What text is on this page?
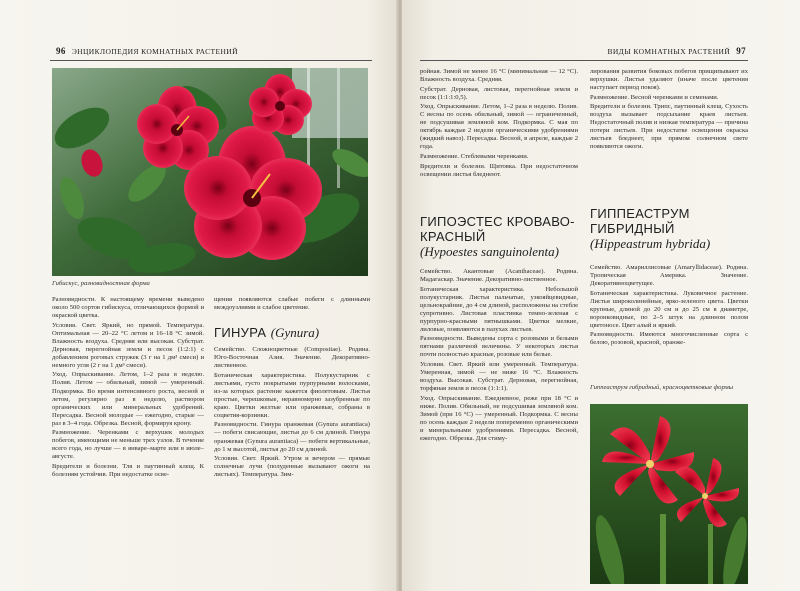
96 ЭНЦИКЛОПЕДИЯ КОМНАТНЫХ РАСТЕНИЙ
Гибискус, разновидностная форма

Разновидности. К настоящему времени выведено около 500 сортов гибискуса, отличающихся формой и окраской цветка.

Условия. Свет. Яркий, но прямой. Температура. Оптимальная — 20–22 °С летом и 16–18 °С зимой. Влажность воздуха. Средняя или высокая. Субстрат. Дерновая, перегнойная земля и песок (1:2:1) с добавлением роговых стружек (3 г на 1 дм³ смеси) и немного угля (2 г на 1 дм³ смеси).

Уход. Опрыскивание. Летом, 1–2 раза в неделю. Полив. Летом — обильный, зимой — умеренный. Подкормка. Во время интенсивного роста, весной и летом, регулярно раз в неделю, раствором органических или минеральных удобрений. Пересадка. Весной молодые — ежегодно, старые — раз в 3–4 года. Обрезка. Весной, формируя крону.

Размножение. Черенками с верхушек молодых побегов, имеющими не меньше трех узлов. В течение всего года, но лучше — в январе–марте или в июле–августе.

Вредители и болезни. Тля и паутинный клещ. К болезням устойчив. При недостатке осве-

щения появляются слабые побеги с длинными междоузлиями и слабое цветение.

ГИНУРА (Gynura)

Семейство. Сложноцветные (Compositae). Родина. Юго-Восточная Азия. Значение. Декоративно-лиственное.

Ботаническая характеристика. Полукустарник с листьями, густо покрытыми пурпурными волосками, из-за которых растение кажется фиолетовым. Листья простые, черешковые, неравномерно зазубренные по краю. Цветки желтые или оранжевые, собраны в соцветия-корзинки.

Разновидности. Гинура оранжевая (Gynura aurantiaca) — побеги свисающие, листья до 6 см длиной. Гинура оранжевая (Gynura aurantiaca) — побеги вертикальные, до 1 м высотой, листья до 20 см длиной.

Условия. Свет. Яркий. Утром и вечером — прямые солнечные лучи (полуденные вызывают ожоги на листьях). Температура. Зим-

ВИДЫ КОМНАТНЫХ РАСТЕНИЙ 97

ройная. Зимой не менее 16 °С (минимальная — 12 °С). Влажность воздуха. Средняя.

Субстрат. Дерновая, листовая, перегнойная земля и песок (1:1:1:0,5).

Уход. Опрыскивание. Летом, 1–2 раза в неделю. Полив. С весны по осень обильный, зимой — ограниченный, не подсушивая земляной ком. Подкормка. С мая по октябрь каждые 2 недели органическими удобрениями (жидкий навоз). Пересадка. Весной, в апреле, каждые 2 года.

Размножение. Стеблевыми черенками.

Вредители и болезни. Щитовка. При недостаточном освещении листья бледнеют.

ГИПОЭСТЕС КРОВАВО-КРАСНЫЙ
(Hypoestes sanguinolenta)

Семейство. Акантовые (Acanthaceae). Родина. Мадагаскар. Значение. Декоративно-лиственное.

Ботаническая характеристика. Небольшой полукустарник. Листья пальчатые, узкояйцевидные, цельнокрайние, до 4 см длиной, расположены на стебле супротивно. Листовая пластинка темно-зеленая с пурпурно-красными пятнышками. Цветки мелкие, лиловые, появляются в пазухах листьев.

Разновидности. Выведены сорта с розовыми и белыми пятнами различной величины. У некоторых листья почти полностью красные, розовые или белые.

Условия. Свет. Яркий или умеренный. Температура. Умеренная, зимой — не ниже 16 °С. Влажность воздуха. Высокая. Субстрат. Дерновая, перегнойная, торфяная земля и песок (1:1:1).

Уход. Опрыскивание. Ежедневное, реже при 18 °С и ниже. Полив. Обильный, не подсушивая земляной ком. Зимой (при 16 °С) — умеренный. Подкормка. С весны по осень каждые 2 недели попеременно органическими и минеральными удобрениями. Пересадка. Весной, ежегодно. Обрезка. Для стиму-

лирования развития боковых побегов прищипывают их верхушки. Листья удаляют (иначе после цветения наступает период покоя).

Размножение. Весной черенками и семенами.

Вредители и болезни. Трипс, паутинный клещ. Сухость воздуха вызывает подсыхание краев листьев. Недостаточный полив и низкая температура — причина потери листьев. При недостатке освещения окраска листьев бледнеет, при прямом солнечном свете появляются ожоги.

ГИППЕАСТРУМ ГИБРИДНЫЙ
(Hippeastrum hybrida)

Семейство. Амариллисовые (Amaryllidaceae). Родина. Тропическая Америка. Значение. Декоративноцветущее.

Ботаническая характеристика. Луковичное растение. Листья широколинейные, ярко-зеленого цвета. Цветки крупные, длиной до 20 см и до 25 см в диаметре, воронковидные, по 2–5 штук на длинном полом цветоносе. Цвет алый и яркий.

Разновидности. Имеются многочисленные сорта с белою, розовой, красной, оранже-

Гиппеаструм гибридный, красноцветковые формы
